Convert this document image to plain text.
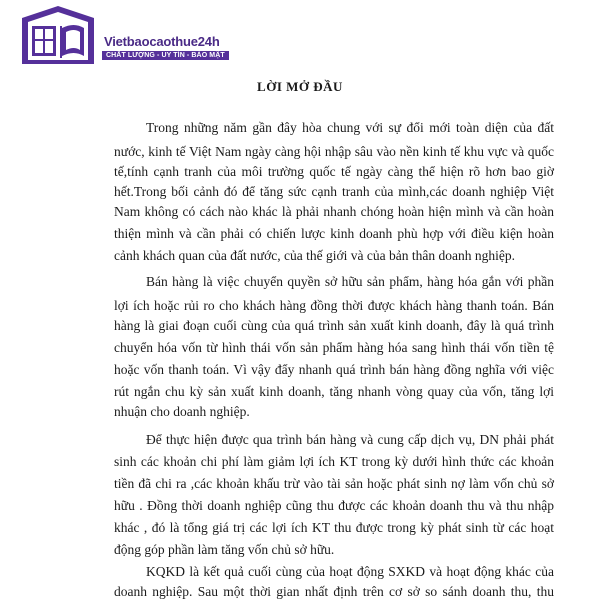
Vietbaocaothue24h
CHẤT LƯỢNG - UY TÍN - BẢO MẬT
LỜI MỞ ĐẦU
Trong những năm gần đây hòa chung với sự đổi mới toàn diện của đất
nước, kinh tế Việt Nam ngày càng hội nhập sâu vào nền kinh tế khu vực và quốc
tế,tính cạnh tranh của môi trường quốc tế ngày càng thể hiện rõ hơn bao giờ
hết.Trong bối cảnh đó để tăng sức cạnh tranh của mình,các doanh nghiệp Việt
Nam không có cách nào khác là phải nhanh chóng hoàn hiện mình và cần hoàn
thiện mình và cần phải có chiến lược kinh doanh phù hợp với điều kiện hoàn
cảnh khách quan của đất nước, của thế giới và của bản thân doanh nghiệp.
Bán hàng là việc chuyển quyền sở hữu sản phẩm, hàng hóa gắn với phần
lợi ích hoặc rủi ro cho khách hàng đồng thời được khách hàng thanh toán. Bán
hàng là giai đoạn cuối cùng của quá trình sản xuất kinh doanh, đây là quá trình
chuyển hóa vốn từ hình thái vốn sản phẩm hàng hóa sang hình thái vốn tiền tệ
hoặc vốn thanh toán. Vì vậy đẩy nhanh quá trình bán hàng đồng nghĩa với việc
rút ngắn chu kỳ sản xuất kinh doanh, tăng nhanh vòng quay của vốn, tăng lợi
nhuận cho doanh nghiệp.
Để thực hiện được qua trình bán hàng và cung cấp dịch vụ, DN phải phát
sinh các khoản chi phí làm giảm lợi ích KT trong kỳ dưới hình thức các khoản
tiền đã chi ra ,các khoản khấu trừ vào tài sản hoặc phát sinh nợ làm vốn chủ sở
hữu . Đồng thời doanh nghiệp cũng thu được các khoản doanh thu và thu nhập
khác , đó là tổng giá trị các lợi ích KT thu được trong kỳ phát sinh từ các hoạt
động góp phần làm tăng vốn chủ sở hữu.
KQKD là kết quả cuối cùng của hoạt động SXKD và hoạt động khác của
doanh nghiệp. Sau một thời gian nhất định trên cơ sở so sánh doanh thu, thu
